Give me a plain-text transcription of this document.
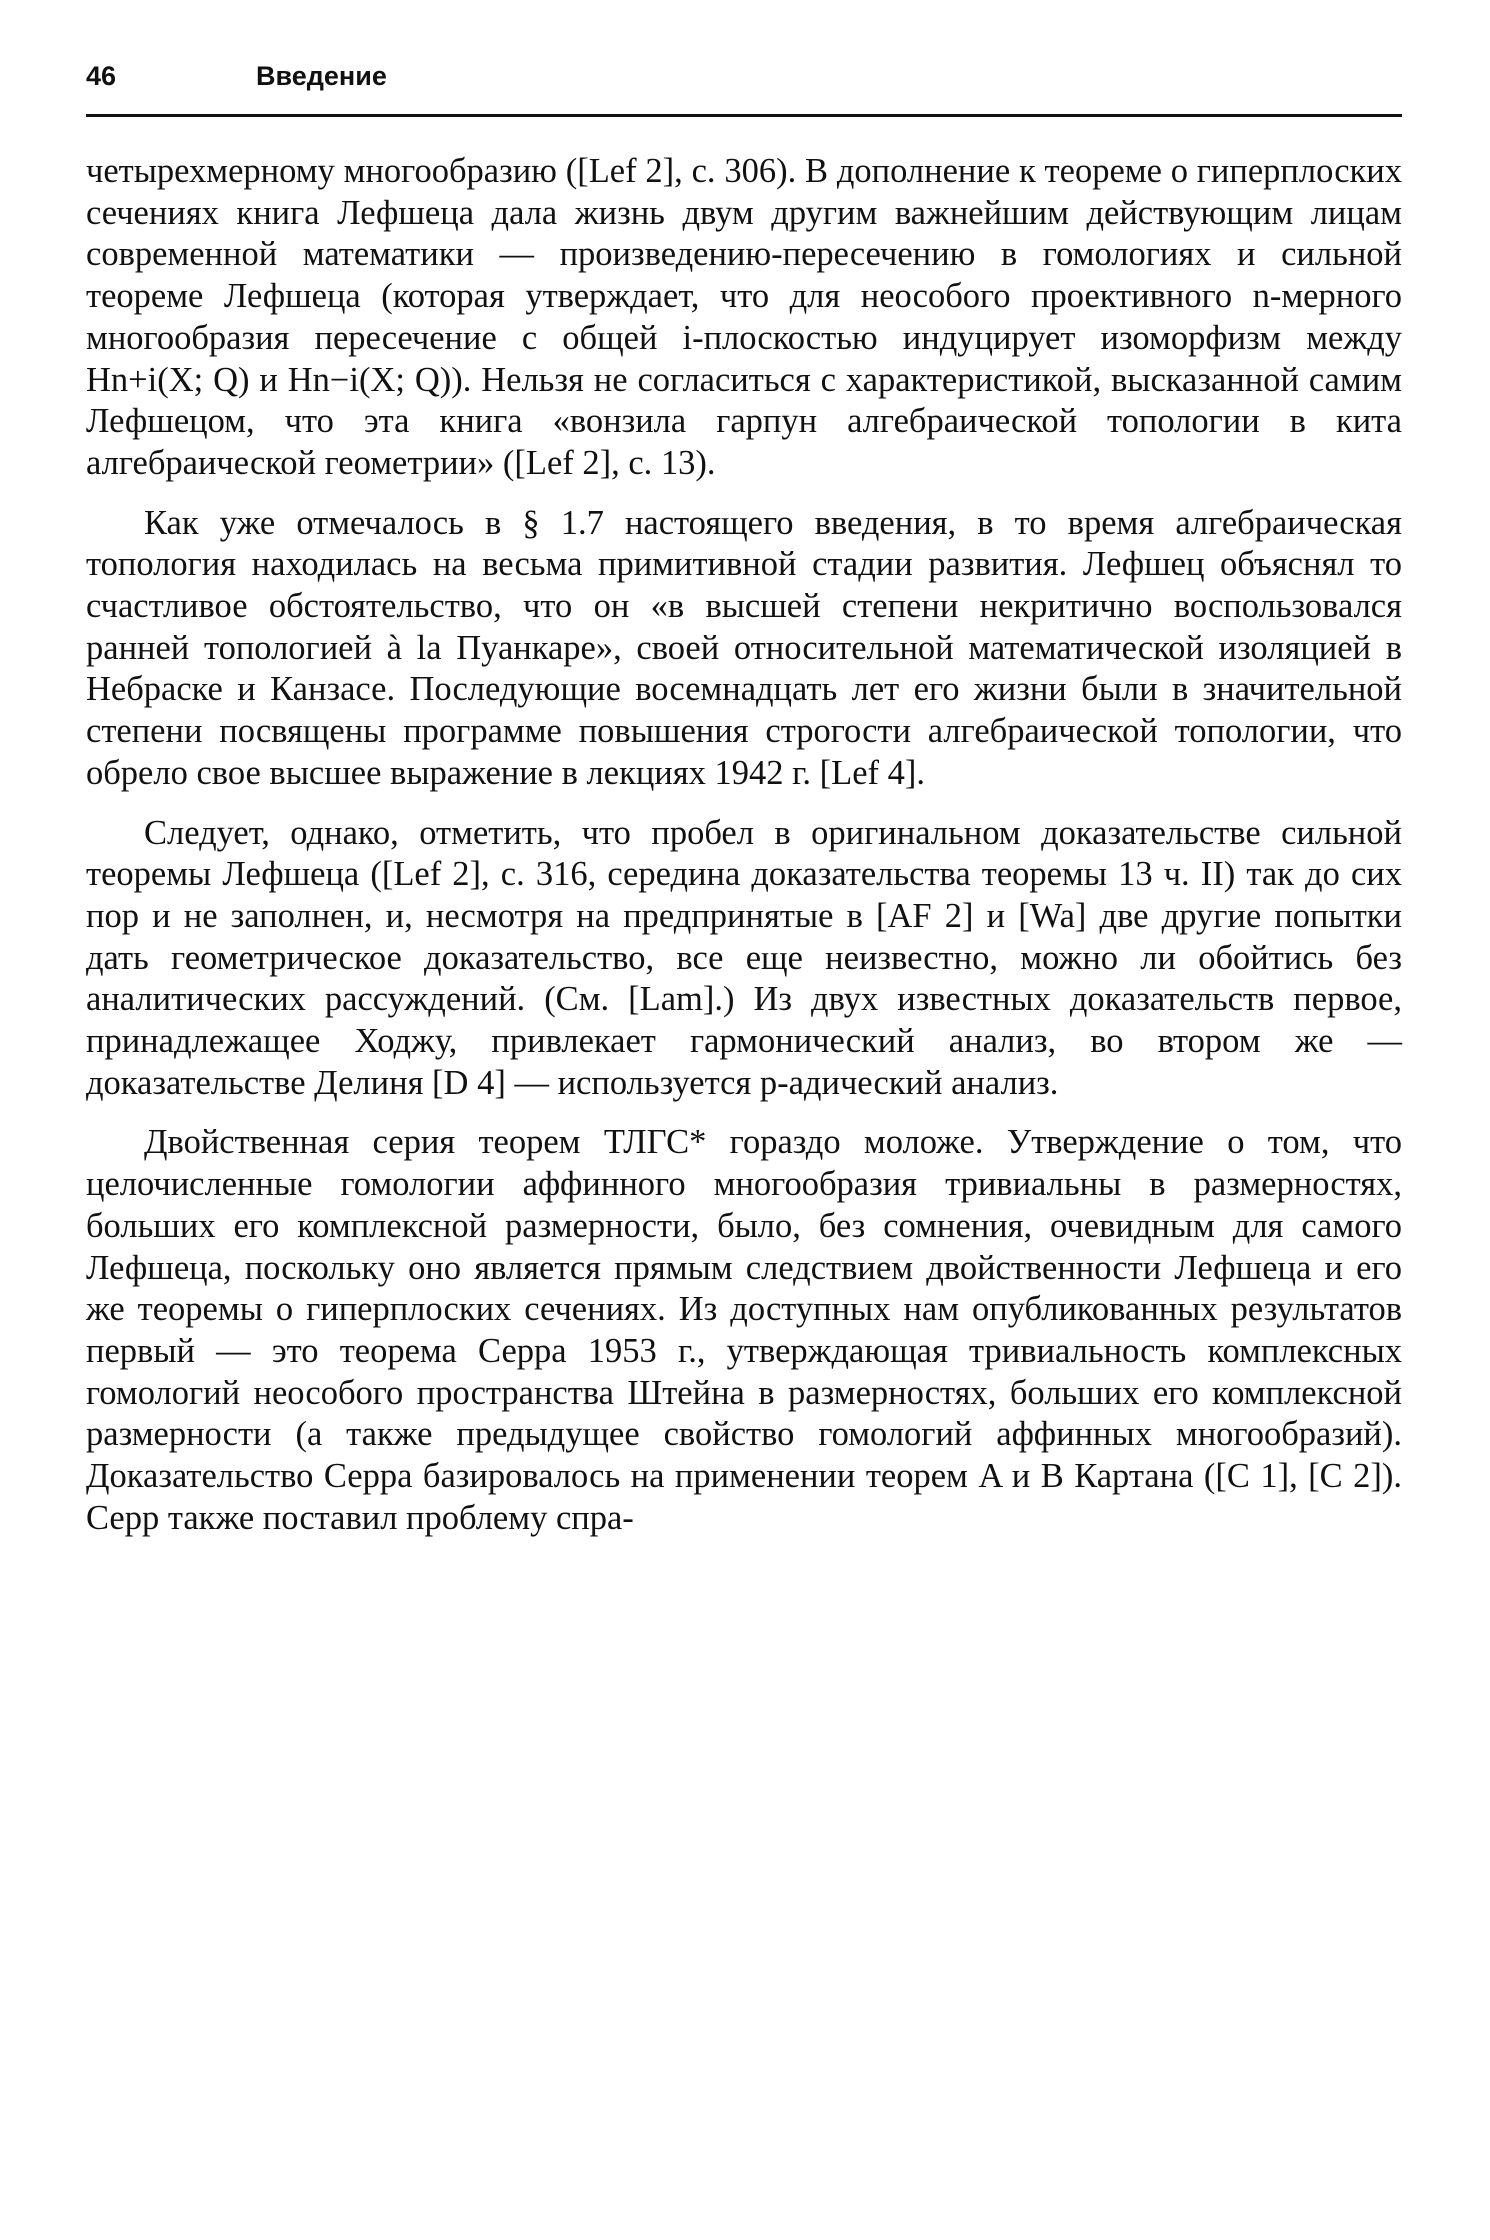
46	Введение

четырехмерному многообразию ([Lef 2], с. 306). В дополнение к теореме о гиперплоских сечениях книга Лефшеца дала жизнь двум другим важнейшим действующим лицам современной математики — произведению-пересечению в гомологиях и сильной теореме Лефшеца (которая утверждает, что для неособого проективного n-мерного многообразия пересечение с общей i-плоскостью индуцирует изоморфизм между Hn+i(X; Q) и Hn−i(X; Q)). Нельзя не согласиться с характеристикой, высказанной самим Лефшецом, что эта книга «вонзила гарпун алгебраической топологии в кита алгебраической геометрии» ([Lef 2], с. 13).

Как уже отмечалось в § 1.7 настоящего введения, в то время алгебраическая топология находилась на весьма примитивной стадии развития. Лефшец объяснял то счастливое обстоятельство, что он «в высшей степени некритично воспользовался ранней топологией à la Пуанкаре», своей относительной математической изоляцией в Небраске и Канзасе. Последующие восемнадцать лет его жизни были в значительной степени посвящены программе повышения строгости алгебраической топологии, что обрело свое высшее выражение в лекциях 1942 г. [Lef 4].

Следует, однако, отметить, что пробел в оригинальном доказательстве сильной теоремы Лефшеца ([Lef 2], с. 316, середина доказательства теоремы 13 ч. II) так до сих пор и не заполнен, и, несмотря на предпринятые в [AF 2] и [Wa] две другие попытки дать геометрическое доказательство, все еще неизвестно, можно ли обойтись без аналитических рассуждений. (См. [Lam].) Из двух известных доказательств первое, принадлежащее Ходжу, привлекает гармонический анализ, во втором же — доказательстве Делиня [D 4] — используется p-адический анализ.

Двойственная серия теорем ТЛГС* гораздо моложе. Утверждение о том, что целочисленные гомологии аффинного многообразия тривиальны в размерностях, больших его комплексной размерности, было, без сомнения, очевидным для самого Лефшеца, поскольку оно является прямым следствием двойственности Лефшеца и его же теоремы о гиперплоских сечениях. Из доступных нам опубликованных результатов первый — это теорема Серра 1953 г., утверждающая тривиальность комплексных гомологий неособого пространства Штейна в размерностях, больших его комплексной размерности (а также предыдущее свойство гомологий аффинных многообразий). Доказательство Серра базировалось на применении теорем A и B Картана ([C 1], [C 2]). Серр также поставил проблему спра-
